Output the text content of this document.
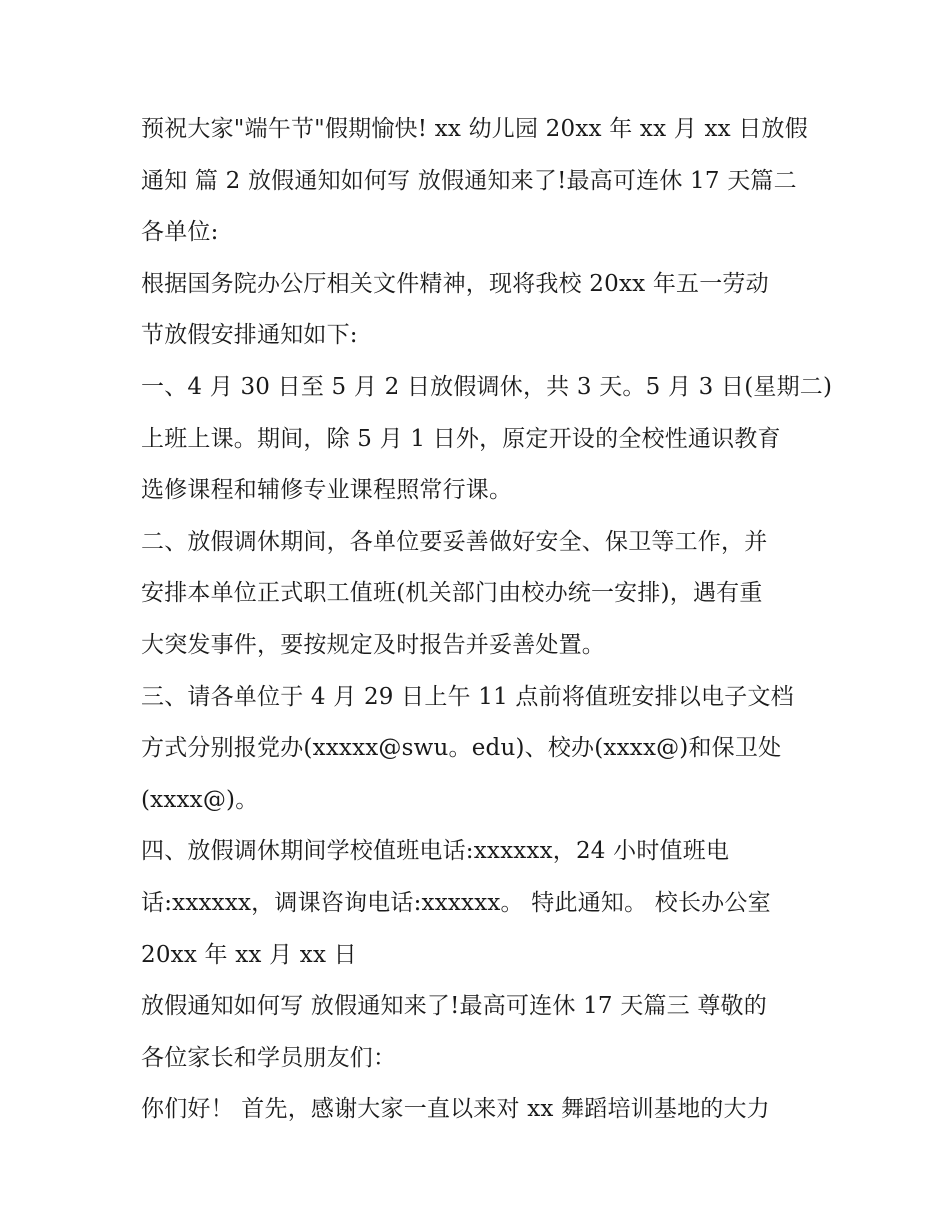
预祝大家"端午节"假期愉快! xx 幼儿园 20xx 年 xx 月 xx 日放假
通知 篇 2 放假通知如何写 放假通知来了!最高可连休 17 天篇二
各单位:
根据国务院办公厅相关文件精神，现将我校 20xx 年五一劳动
节放假安排通知如下:
一、4 月 30 日至 5 月 2 日放假调休，共 3 天。5 月 3 日(星期二)
上班上课。期间，除 5 月 1 日外，原定开设的全校性通识教育
选修课程和辅修专业课程照常行课。
二、放假调休期间，各单位要妥善做好安全、保卫等工作，并
安排本单位正式职工值班(机关部门由校办统一安排)，遇有重
大突发事件，要按规定及时报告并妥善处置。
三、请各单位于 4 月 29 日上午 11 点前将值班安排以电子文档
方式分别报党办(xxxxx@swu。edu)、校办(xxxx@)和保卫处
(xxxx@)。
四、放假调休期间学校值班电话:xxxxxx，24 小时值班电
话:xxxxxx，调课咨询电话:xxxxxx。 特此通知。 校长办公室
20xx 年 xx 月 xx 日
放假通知如何写 放假通知来了!最高可连休 17 天篇三 尊敬的
各位家长和学员朋友们：
你们好！ 首先，感谢大家一直以来对 xx 舞蹈培训基地的大力
